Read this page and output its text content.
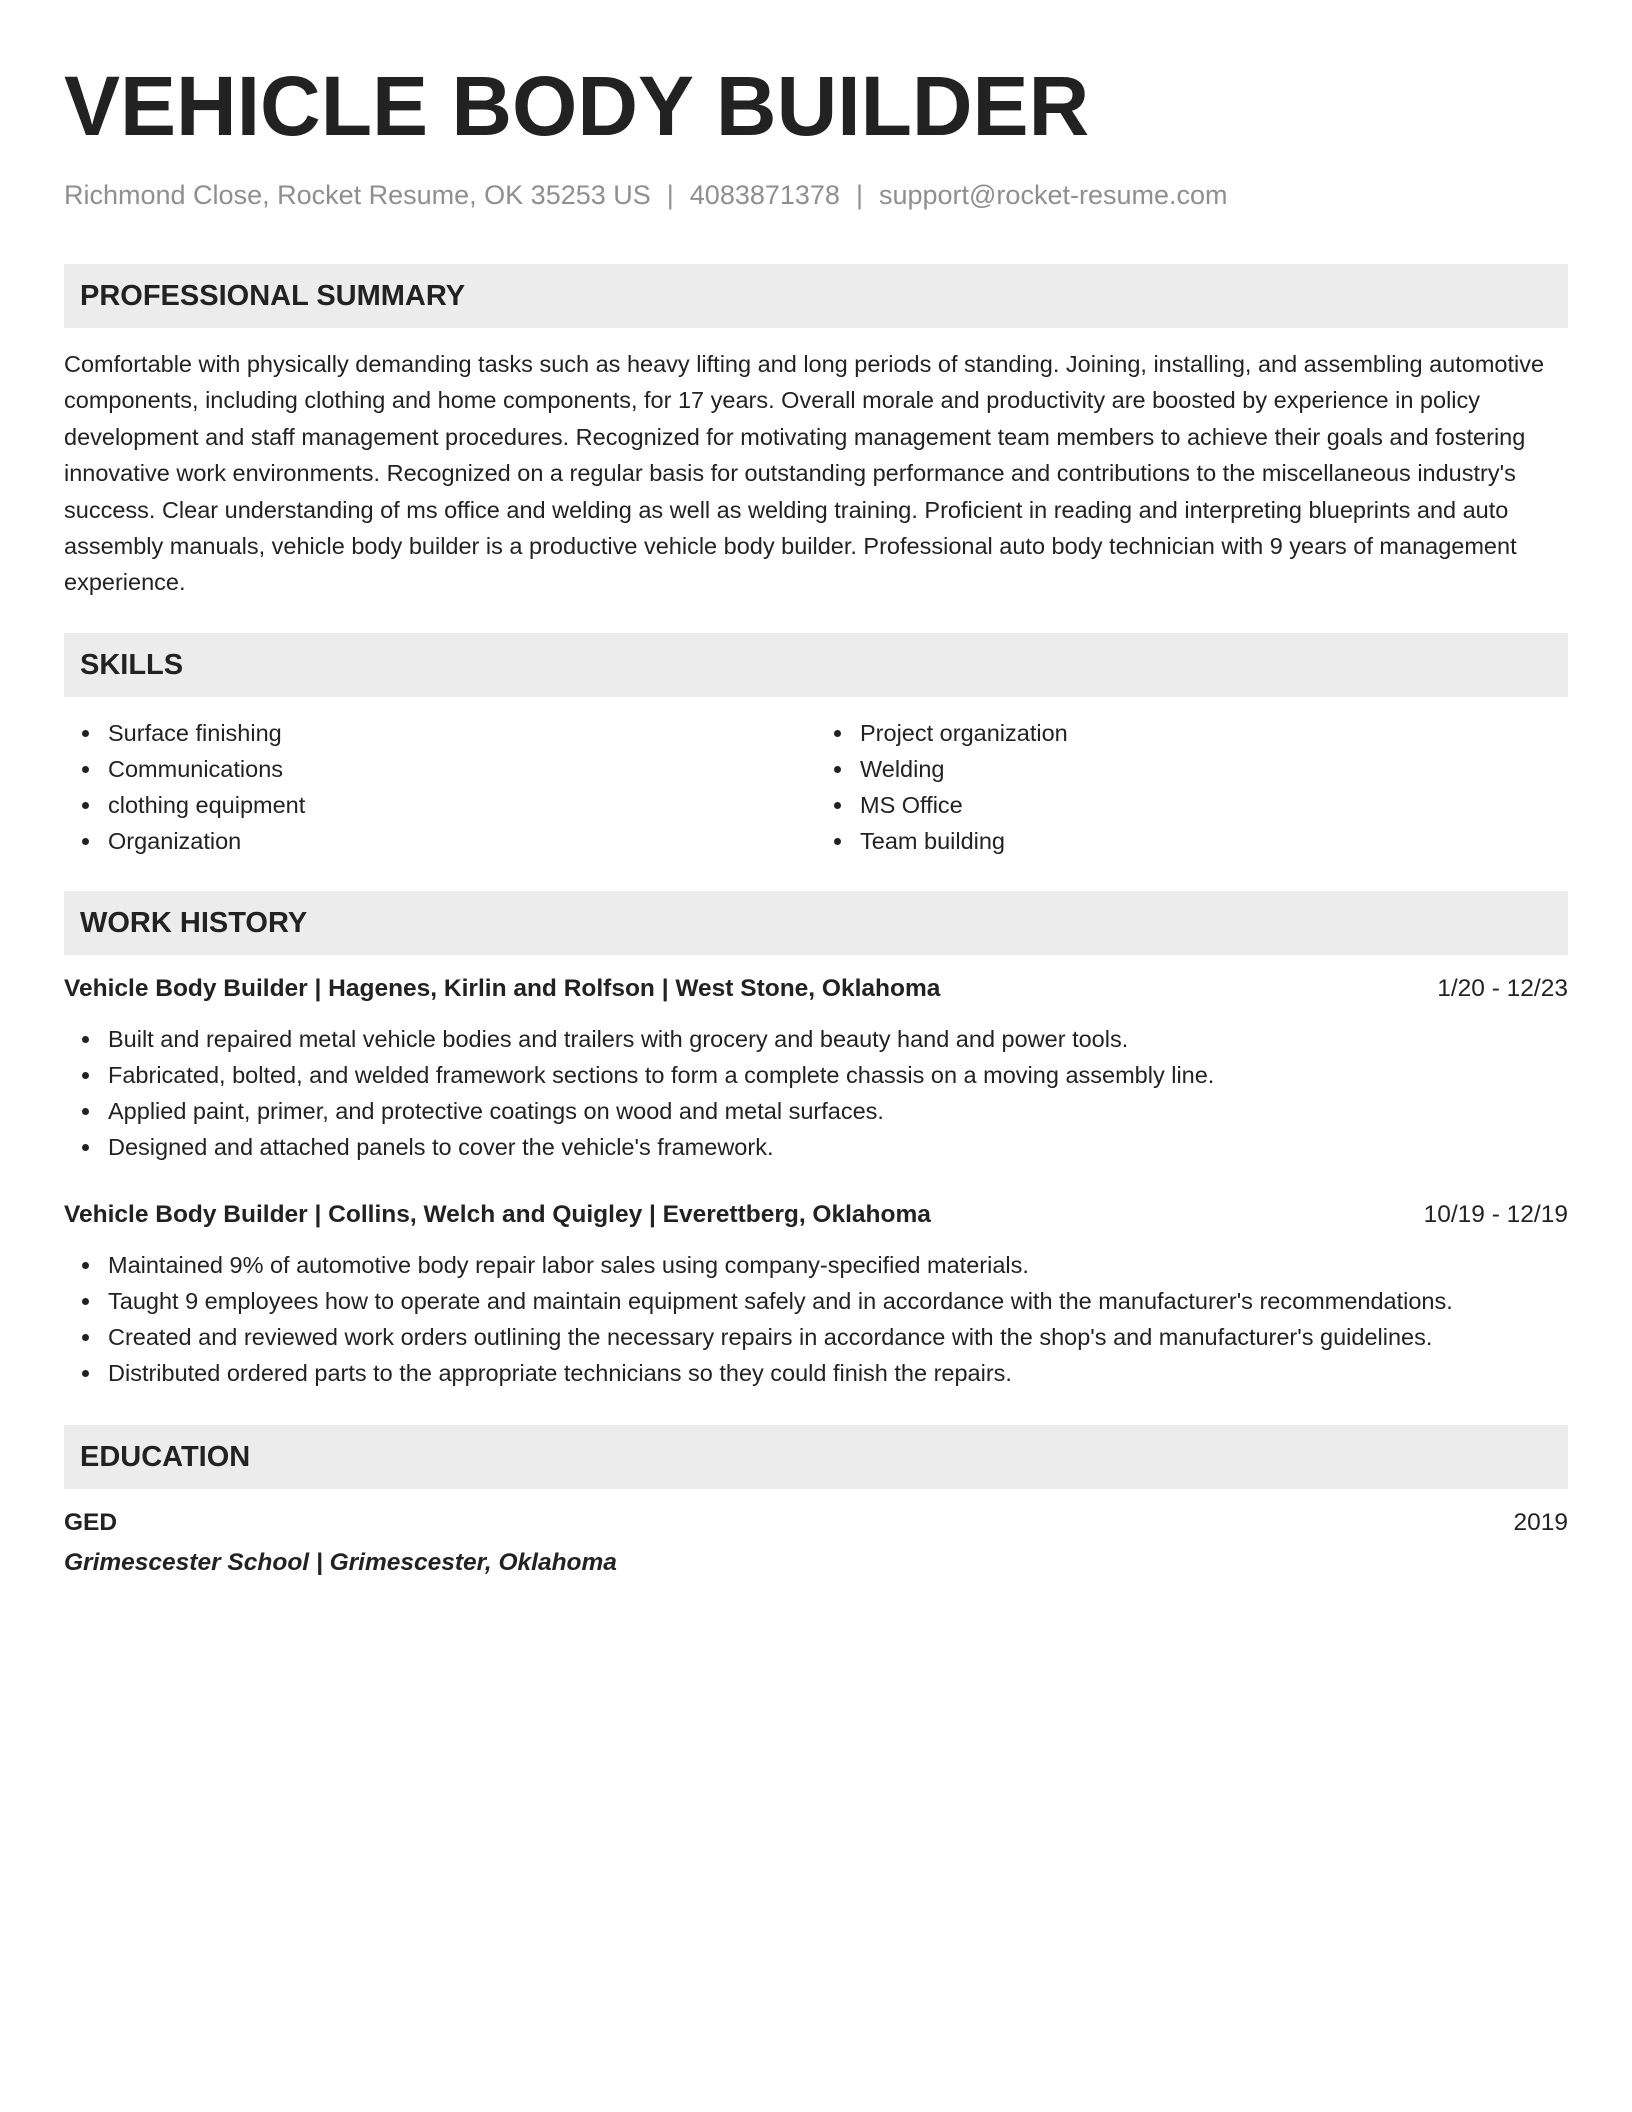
VEHICLE BODY BUILDER
Richmond Close, Rocket Resume, OK 35253 US | 4083871378 | support@rocket-resume.com
PROFESSIONAL SUMMARY
Comfortable with physically demanding tasks such as heavy lifting and long periods of standing. Joining, installing, and assembling automotive components, including clothing and home components, for 17 years. Overall morale and productivity are boosted by experience in policy development and staff management procedures. Recognized for motivating management team members to achieve their goals and fostering innovative work environments. Recognized on a regular basis for outstanding performance and contributions to the miscellaneous industry's success. Clear understanding of ms office and welding as well as welding training. Proficient in reading and interpreting blueprints and auto assembly manuals, vehicle body builder is a productive vehicle body builder. Professional auto body technician with 9 years of management experience.
SKILLS
Surface finishing
Communications
clothing equipment
Organization
Project organization
Welding
MS Office
Team building
WORK HISTORY
Vehicle Body Builder | Hagenes, Kirlin and Rolfson | West Stone, Oklahoma	1/20 - 12/23
Built and repaired metal vehicle bodies and trailers with grocery and beauty hand and power tools.
Fabricated, bolted, and welded framework sections to form a complete chassis on a moving assembly line.
Applied paint, primer, and protective coatings on wood and metal surfaces.
Designed and attached panels to cover the vehicle's framework.
Vehicle Body Builder | Collins, Welch and Quigley | Everettberg, Oklahoma	10/19 - 12/19
Maintained 9% of automotive body repair labor sales using company-specified materials.
Taught 9 employees how to operate and maintain equipment safely and in accordance with the manufacturer's recommendations.
Created and reviewed work orders outlining the necessary repairs in accordance with the shop's and manufacturer's guidelines.
Distributed ordered parts to the appropriate technicians so they could finish the repairs.
EDUCATION
GED	2019
Grimescester School | Grimescester, Oklahoma
